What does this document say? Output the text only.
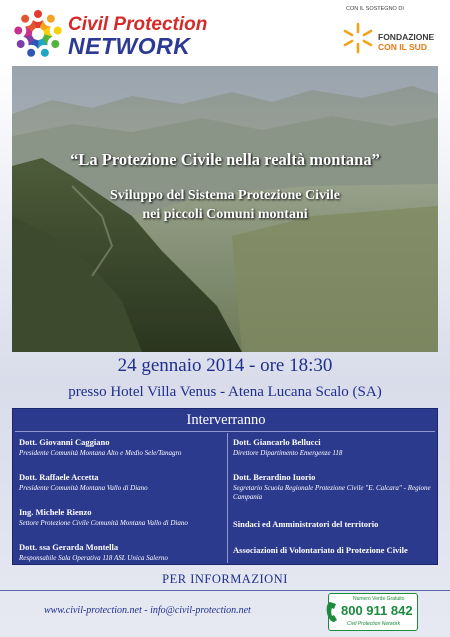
Civil Protection
NETWORK
CON IL SOSTEGNO DI
FONDAZIONE
CON IL SUD
“La Protezione Civile nella realtà montana”
Sviluppo del Sistema Protezione Civile
nei piccoli Comuni montani
24 gennaio 2014 - ore 18:30
presso Hotel Villa Venus - Atena Lucana Scalo (SA)
Interverranno
Dott. Giovanni Caggiano
Presidente Comunità Montana Alto e Medio Sele/Tanagro
Dott. Raffaele Accetta
Presidente Comunità Montana Vallo di Diano
Ing. Michele Rienzo
Settore Protezione Civile Comunità Montana Vallo di Diano
Dott. ssa Gerarda Montella
Responsabile Sala Operativa 118 ASL Unica Salerno
Dott. Giancarlo Bellucci
Direttore Dipartimento Emergenze 118
Dott. Berardino Iuorio
Segretario Scuola Regionale Protezione Civile "E. Calcara" - Regione Campania
Sindaci ed Amministratori del territorio
Associazioni di Volontariato di Protezione Civile
PER INFORMAZIONI
www.civil-protection.net - info@civil-protection.net
Numero Verde Gratuito
800 911 842
Civil Protection Network
